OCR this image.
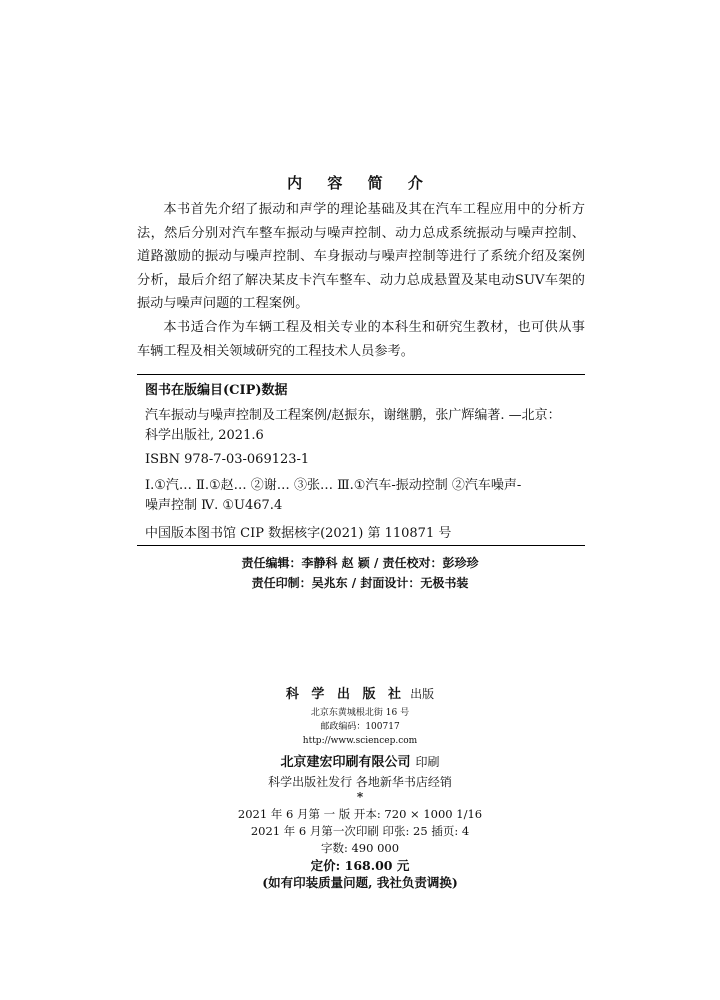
内 容 简 介

本书首先介绍了振动和声学的理论基础及其在汽车工程应用中的分析方法，然后分别对汽车整车振动与噪声控制、动力总成系统振动与噪声控制、道路激励的振动与噪声控制、车身振动与噪声控制等进行了系统介绍及案例分析，最后介绍了解决某皮卡汽车整车、动力总成悬置及某电动SUV车架的振动与噪声问题的工程案例。

本书适合作为车辆工程及相关专业的本科生和研究生教材，也可供从事车辆工程及相关领域研究的工程技术人员参考。

图书在版编目(CIP)数据
汽车振动与噪声控制及工程案例/赵振东，谢继鹏，张广辉编著. —北京：
科学出版社, 2021.6
ISBN 978-7-03-069123-1
Ⅰ.①汽… Ⅱ.①赵… ②谢… ③张… Ⅲ.①汽车-振动控制 ②汽车噪声-
噪声控制 Ⅳ. ①U467.4
中国版本图书馆 CIP 数据核字(2021) 第 110871 号
责任编辑：李静科 赵 颖 / 责任校对：彭珍珍
责任印制：吴兆东 / 封面设计：无极书装
科 学 出 版 社 出版
北京东黄城根北街 16 号
邮政编码：100717
http://www.sciencep.com
北京建宏印刷有限公司 印刷
科学出版社发行 各地新华书店经销
*
2021 年 6 月第 一 版 开本: 720 × 1000 1/16
2021 年 6 月第一次印刷 印张: 25 插页: 4
字数: 490 000
定价: 168.00 元
(如有印装质量问题, 我社负责调换)
